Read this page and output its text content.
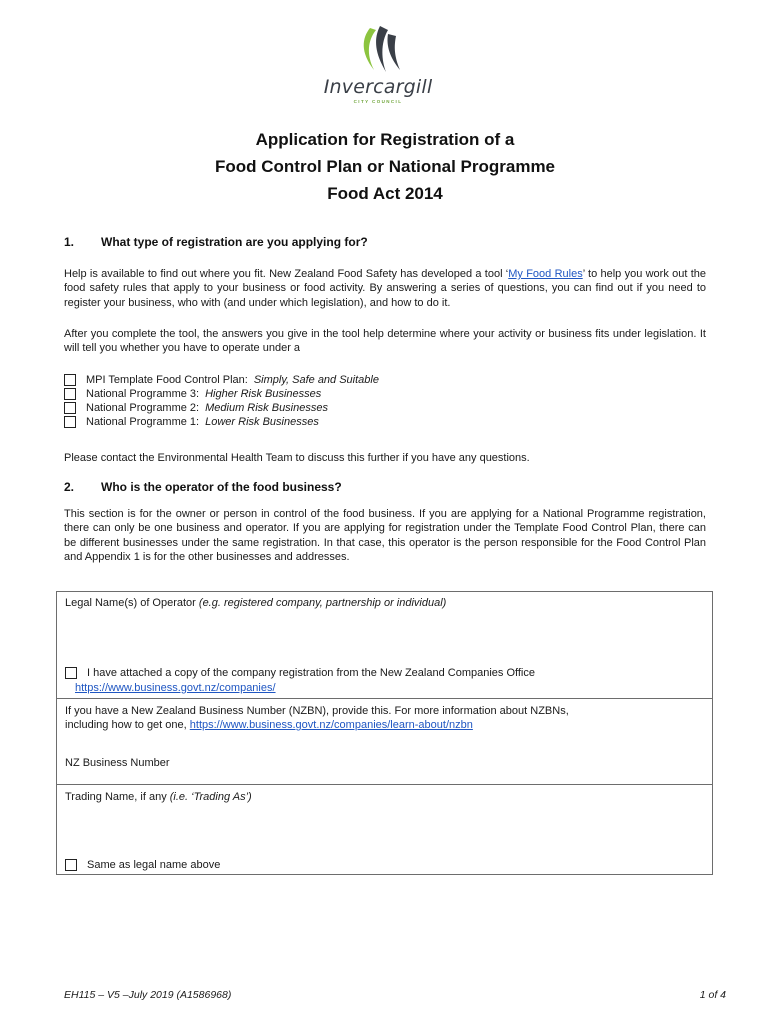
Invercargill
CITY COUNCIL
Application for Registration of a
Food Control Plan or National Programme
Food Act 2014
1. What type of registration are you applying for?
Help is available to find out where you fit. New Zealand Food Safety has developed a tool ‘My Food Rules’ to help you work out the food safety rules that apply to your business or food activity. By answering a series of questions, you can find out if you need to register your business, who with (and under which legislation), and how to do it.
After you complete the tool, the answers you give in the tool help determine where your activity or business fits under legislation. It will tell you whether you have to operate under a
MPI Template Food Control Plan: Simply, Safe and Suitable
National Programme 3: Higher Risk Businesses
National Programme 2: Medium Risk Businesses
National Programme 1: Lower Risk Businesses
Please contact the Environmental Health Team to discuss this further if you have any questions.
2. Who is the operator of the food business?
This section is for the owner or person in control of the food business. If you are applying for a National Programme registration, there can only be one business and operator. If you are applying for registration under the Template Food Control Plan, there can be different businesses under the same registration. In that case, this operator is the person responsible for the Food Control Plan and Appendix 1 is for the other businesses and addresses.
Legal Name(s) of Operator (e.g. registered company, partnership or individual)
I have attached a copy of the company registration from the New Zealand Companies Office
https://www.business.govt.nz/companies/
If you have a New Zealand Business Number (NZBN), provide this. For more information about NZBNs,
including how to get one, https://www.business.govt.nz/companies/learn-about/nzbn
NZ Business Number
Trading Name, if any (i.e. ‘Trading As’)
Same as legal name above
EH115 – V5 –July 2019 (A1586968)	1 of 4
